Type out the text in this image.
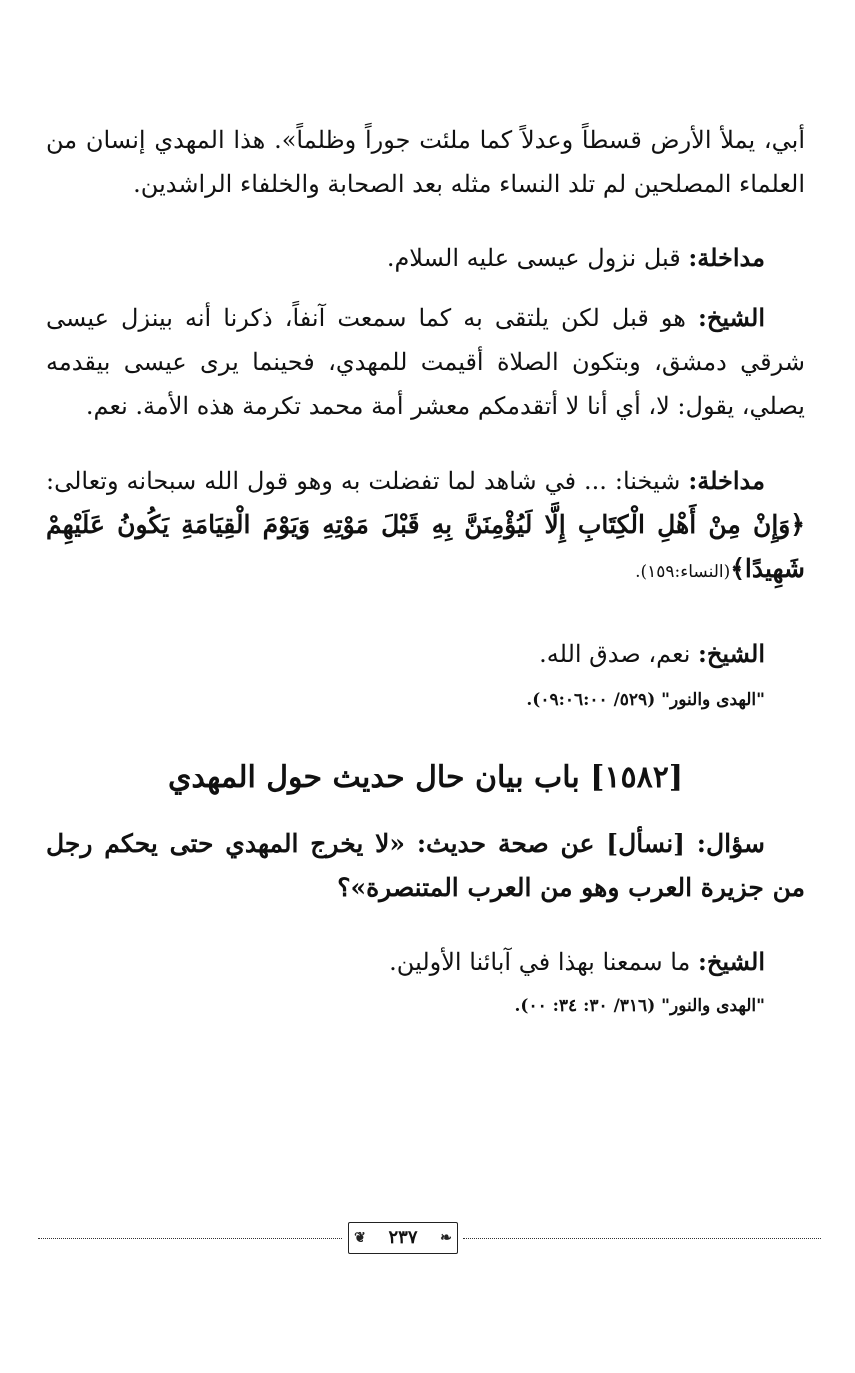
أبي، يملأ الأرض قسطاً وعدلاً كما ملئت جوراً وظلماً». هذا المهدي إنسان من العلماء المصلحين لم تلد النساء مثله بعد الصحابة والخلفاء الراشدين.

مداخلة: قبل نزول عيسى عليه السلام.

الشيخ: هو قبل لكن يلتقى به كما سمعت آنفاً، ذكرنا أنه بينزل عيسى شرقي دمشق، وبتكون الصلاة أقيمت للمهدي، فحينما يرى عيسى بيقدمه يصلي، يقول: لا، أي أنا لا أتقدمكم معشر أمة محمد تكرمة هذه الأمة. نعم.

مداخلة: شيخنا: ... في شاهد لما تفضلت به وهو قول الله سبحانه وتعالى: ﴿وَإِنْ مِنْ أَهْلِ الْكِتَابِ إِلَّا لَيُؤْمِنَنَّ بِهِ قَبْلَ مَوْتِهِ وَيَوْمَ الْقِيَامَةِ يَكُونُ عَلَيْهِمْ شَهِيدًا﴾(النساء:١٥٩).

الشيخ: نعم، صدق الله.

"الهدى والنور" (٥٢٩/ ٠٩:٠٦:٠٠).

[١٥٨٢] باب بيان حال حديث حول المهدي

سؤال: [نسأل] عن صحة حديث: «لا يخرج المهدي حتى يحكم رجل من جزيرة العرب وهو من العرب المتنصرة»؟

الشيخ: ما سمعنا بهذا في آبائنا الأولين.

"الهدى والنور" (٣١٦/ ٣٠: ٣٤: ٠٠).

❦ ٢٣٧ ❧
